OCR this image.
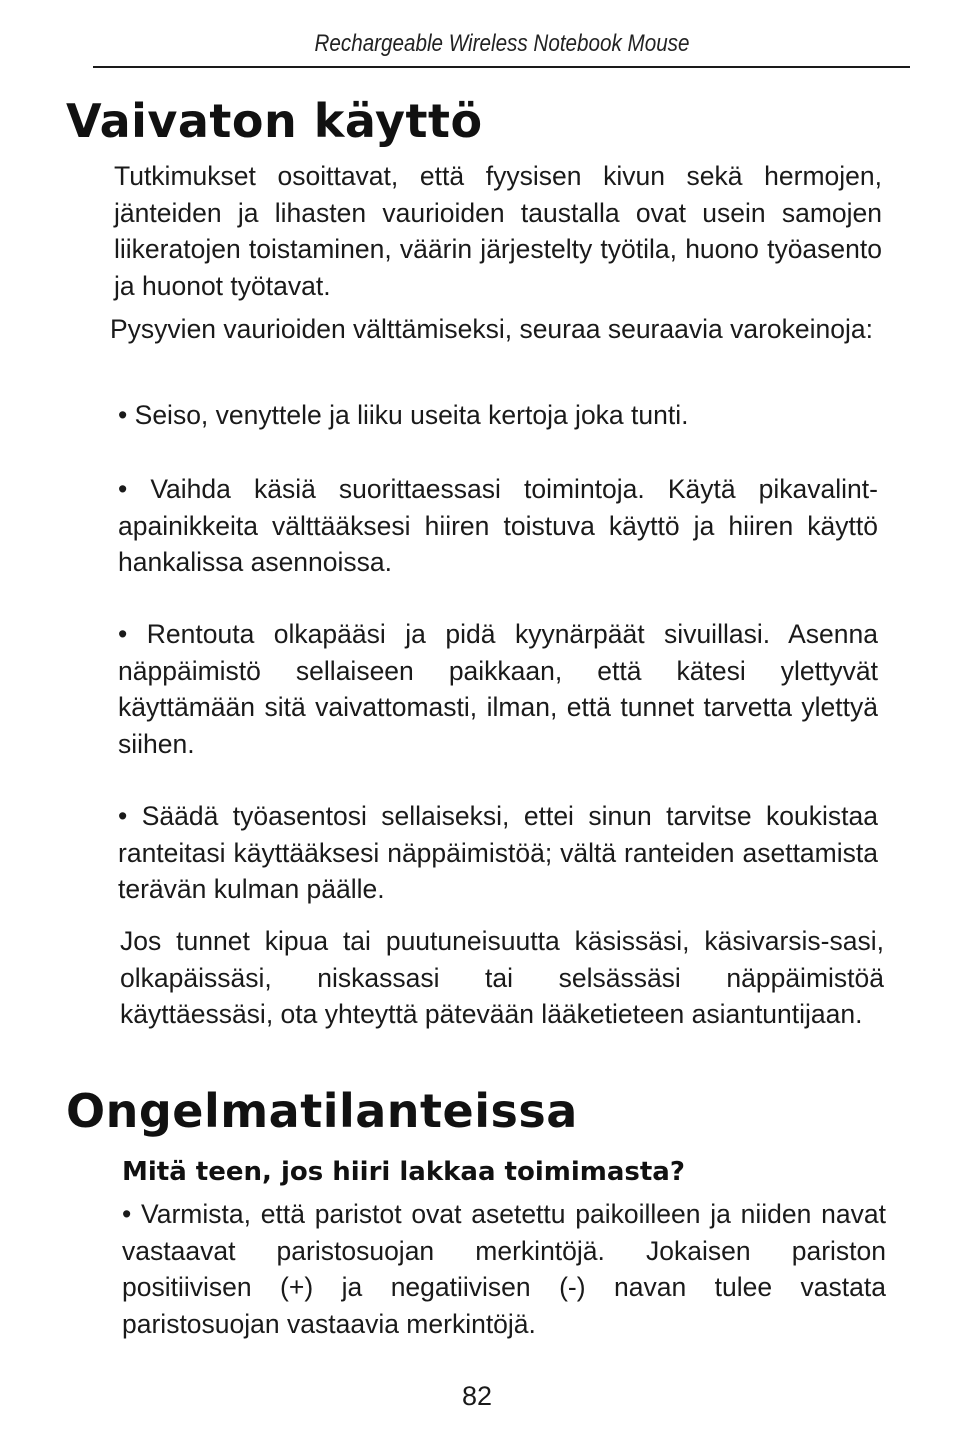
Rechargeable Wireless Notebook Mouse
Vaivaton käyttö

Tutkimukset osoittavat, että fyysisen kivun sekä hermojen, jänteiden ja lihasten vaurioiden taustalla ovat usein samojen liikeratojen toistaminen, väärin järjestelty työtila, huono työasento ja huonot työtavat.

Pysyvien vaurioiden välttämiseksi, seuraa seuraavia varokeinoja:

• Seiso, venyttele ja liiku useita kertoja joka tunti.

• Vaihda käsiä suorittaessasi toimintoja. Käytä pikavalint-apainikkeita välttääksesi hiiren toistuva käyttö ja hiiren käyttö hankalissa asennoissa.

• Rentouta olkapääsi ja pidä kyynärpäät sivuillasi. Asenna näppäimistö sellaiseen paikkaan, että kätesi ylettyvät käyttämään sitä vaivattomasti, ilman, että tunnet tarvetta ylettyä siihen.

• Säädä työasentosi sellaiseksi, ettei sinun tarvitse koukistaa ranteitasi käyttääksesi näppäimistöä; vältä ranteiden asettamista terävän kulman päälle.

Jos tunnet kipua tai puutuneisuutta käsissäsi, käsivarsis-sasi, olkapäissäsi, niskassasi tai selsässäsi näppäimistöä käyttäessäsi, ota yhteyttä pätevään lääketieteen asiantuntijaan.

Ongelmatilanteissa
Mitä teen, jos hiiri lakkaa toimimasta?

• Varmista, että paristot ovat asetettu paikoilleen ja niiden navat vastaavat paristosuojan merkintöjä. Jokaisen pariston positiivisen (+) ja negatiivisen (-) navan tulee vastata paristosuojan vastaavia merkintöjä.

82
